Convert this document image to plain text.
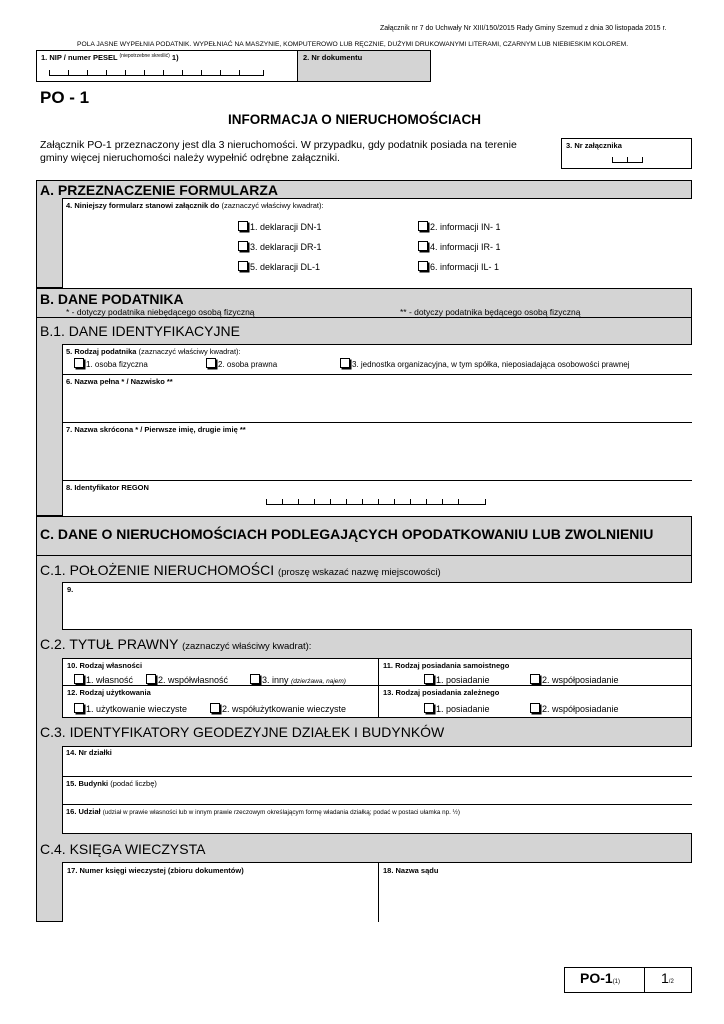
Załącznik nr 7 do Uchwały Nr XIII/150/2015 Rady Gminy Szemud z dnia 30 listopada 2015 r.
POLA JASNE WYPEŁNIA PODATNIK. WYPEŁNIAĆ NA MASZYNIE, KOMPUTEROWO LUB RĘCZNIE, DUŻYMI DRUKOWANYMI LITERAMI, CZARNYM LUB NIEBIESKIM KOLOREM.
1. NIP / numer PESEL $^{(niepotrzebne skreślić)}$ 1)	2. Nr dokumentu
PO - 1
INFORMACJA O NIERUCHOMOŚCIACH
Załącznik PO-1 przeznaczony jest dla 3 nieruchomości. W przypadku, gdy podatnik posiada na terenie
gminy więcej nieruchomości należy wypełnić odrębne załączniki.
3. Nr załącznika
A. PRZEZNACZENIE FORMULARZA
4. Niniejszy formularz stanowi załącznik do (zaznaczyć właściwy kwadrat):
1. deklaracji DN-1
3. deklaracji DR-1
5. deklaracji DL-1
2. informacji IN- 1
4. informacji IR- 1
6. informacji IL- 1
B. DANE PODATNIKA
* - dotyczy podatnika niebędącego osobą fizyczną	** - dotyczy podatnika będącego osobą fizyczną
B.1. DANE IDENTYFIKACYJNE
5. Rodzaj podatnika (zaznaczyć właściwy kwadrat):
1. osoba fizyczna	2. osoba prawna	3. jednostka organizacyjna, w tym spółka, nieposiadająca osobowości prawnej
6. Nazwa pełna * / Nazwisko **
7. Nazwa skrócona * / Pierwsze imię, drugie imię **
8. Identyfikator REGON
C. DANE O NIERUCHOMOŚCIACH PODLEGAJĄCYCH OPODATKOWANIU LUB ZWOLNIENIU
C.1. POŁOŻENIE NIERUCHOMOŚCI (proszę wskazać nazwę miejscowości)
9.
C.2. TYTUŁ PRAWNY (zaznaczyć właściwy kwadrat):
10. Rodzaj własności
1. własność	2. współwłasność	3. inny
(dzierżawa, najem)
11. Rodzaj posiadania samoistnego
1. posiadanie	2. współposiadanie
12. Rodzaj użytkowania
1. użytkowanie wieczyste	2. współużytkowanie wieczyste
13. Rodzaj posiadania zależnego
1. posiadanie	2. współposiadanie
C.3. IDENTYFIKATORY GEODEZYJNE DZIAŁEK I BUDYNKÓW
14. Nr działki
15. Budynki (podać liczbę)
16. Udział (udział w prawie własności lub w innym prawie rzeczowym określającym formę władania działką; podać w postaci ułamka np. ½)
C.4. KSIĘGA WIECZYSTA
17. Numer księgi wieczystej (zbioru dokumentów)	18. Nazwa sądu
PO-1(1)	1/2
